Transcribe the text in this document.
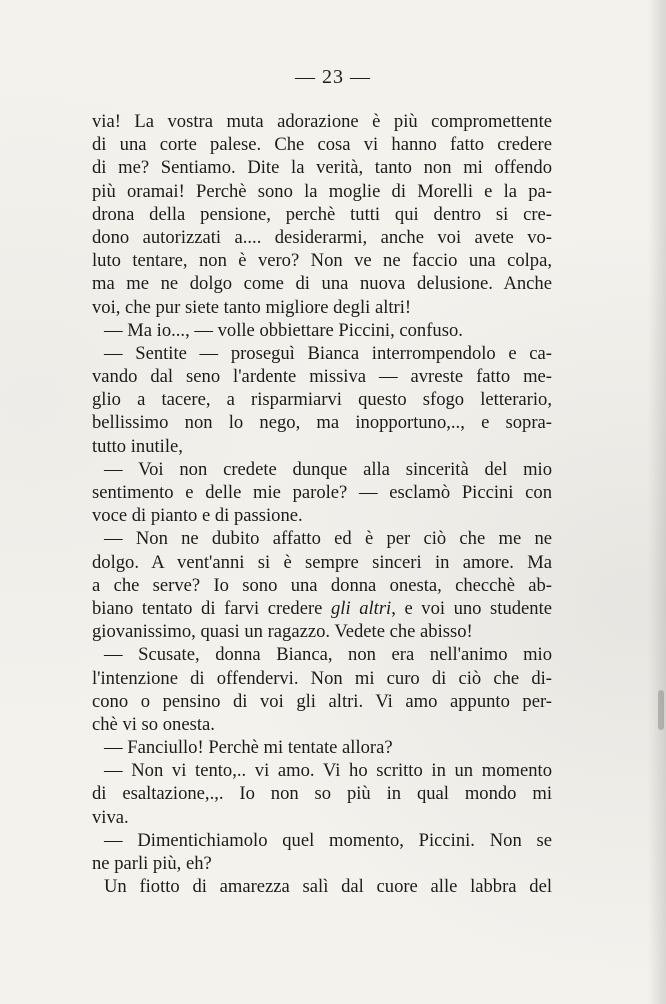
— 23 —
via! La vostra muta adorazione è più compromettente
di una corte palese. Che cosa vi hanno fatto credere
di me? Sentiamo. Dite la verità, tanto non mi offendo
più oramai! Perchè sono la moglie di Morelli e la pa-
drona della pensione, perchè tutti qui dentro si cre-
dono autorizzati a.... desiderarmi, anche voi avete vo-
luto tentare, non è vero? Non ve ne faccio una colpa,
ma me ne dolgo come di una nuova delusione. Anche
voi, che pur siete tanto migliore degli altri!
— Ma io..., — volle obbiettare Piccini, confuso.
— Sentite — proseguì Bianca interrompendolo e ca-
vando dal seno l'ardente missiva — avreste fatto me-
glio a tacere, a risparmiarvi questo sfogo letterario,
bellissimo non lo nego, ma inopportuno,.., e sopra-
tutto inutile,
— Voi non credete dunque alla sincerità del mio
sentimento e delle mie parole? — esclamò Piccini con
voce di pianto e di passione.
— Non ne dubito affatto ed è per ciò che me ne
dolgo. A vent'anni si è sempre sinceri in amore. Ma
a che serve? Io sono una donna onesta, checchè ab-
biano tentato di farvi credere gli altri, e voi uno studente
giovanissimo, quasi un ragazzo. Vedete che abisso!
— Scusate, donna Bianca, non era nell'animo mio
l'intenzione di offendervi. Non mi curo di ciò che di-
cono o pensino di voi gli altri. Vi amo appunto per-
chè vi so onesta.
— Fanciullo! Perchè mi tentate allora?
— Non vi tento,.. vi amo. Vi ho scritto in un momento
di esaltazione,.,. Io non so più in qual mondo mi
viva.
— Dimentichiamolo quel momento, Piccini. Non se
ne parli più, eh?
Un fiotto di amarezza salì dal cuore alle labbra del
